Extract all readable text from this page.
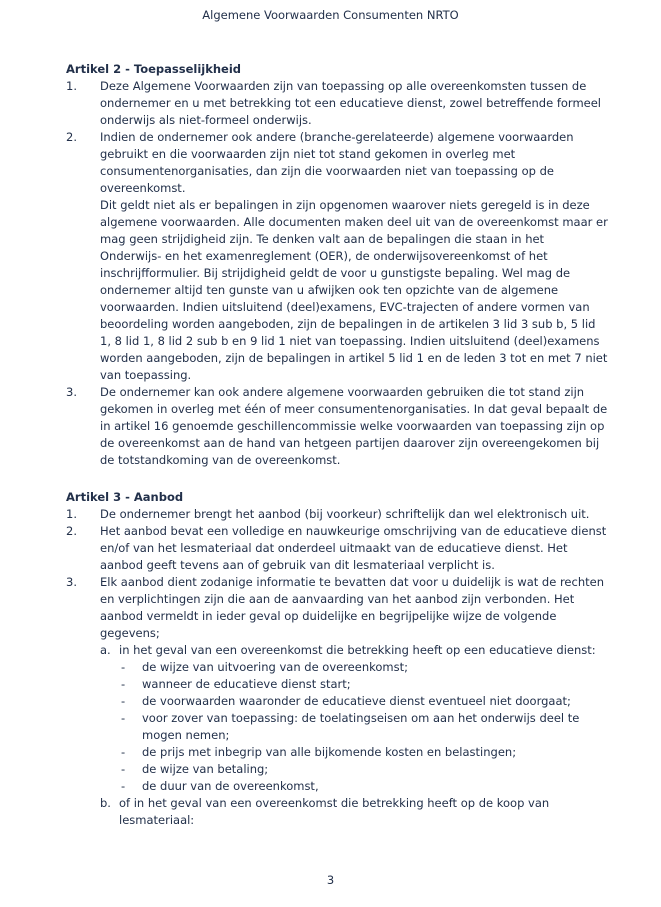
Algemene Voorwaarden Consumenten NRTO
Artikel 2 - Toepasselijkheid
1.	Deze Algemene Voorwaarden zijn van toepassing op alle overeenkomsten tussen de ondernemer en u met betrekking tot een educatieve dienst, zowel betreffende formeel onderwijs als niet-formeel onderwijs.

2.	Indien de ondernemer ook andere (branche-gerelateerde) algemene voorwaarden gebruikt en die voorwaarden zijn niet tot stand gekomen in overleg met consumentenorganisaties, dan zijn die voorwaarden niet van toepassing op de overeenkomst.

Dit geldt niet als er bepalingen in zijn opgenomen waarover niets geregeld is in deze algemene voorwaarden. Alle documenten maken deel uit van de overeenkomst maar er mag geen strijdigheid zijn. Te denken valt aan de bepalingen die staan in het Onderwijs- en het examenreglement (OER), de onderwijsovereenkomst of het inschrijfformulier. Bij strijdigheid geldt de voor u gunstigste bepaling. Wel mag de ondernemer altijd ten gunste van u afwijken ook ten opzichte van de algemene voorwaarden. Indien uitsluitend (deel)examens, EVC-trajecten of andere vormen van beoordeling worden aangeboden, zijn de bepalingen in de artikelen 3 lid 3 sub b, 5 lid 1, 8 lid 1, 8 lid 2 sub b en 9 lid 1 niet van toepassing. Indien uitsluitend (deel)examens worden aangeboden, zijn de bepalingen in artikel 5 lid 1 en de leden 3 tot en met 7 niet van toepassing.

3.	De ondernemer kan ook andere algemene voorwaarden gebruiken die tot stand zijn gekomen in overleg met één of meer consumentenorganisaties. In dat geval bepaalt de in artikel 16 genoemde geschillencommissie welke voorwaarden van toepassing zijn op de overeenkomst aan de hand van hetgeen partijen daarover zijn overeengekomen bij de totstandkoming van de overeenkomst.

Artikel 3 - Aanbod
1.	De ondernemer brengt het aanbod (bij voorkeur) schriftelijk dan wel elektronisch uit.

2.	Het aanbod bevat een volledige en nauwkeurige omschrijving van de educatieve dienst en/of van het lesmateriaal dat onderdeel uitmaakt van de educatieve dienst. Het aanbod geeft tevens aan of gebruik van dit lesmateriaal verplicht is.

3.	Elk aanbod dient zodanige informatie te bevatten dat voor u duidelijk is wat de rechten en verplichtingen zijn die aan de aanvaarding van het aanbod zijn verbonden. Het aanbod vermeldt in ieder geval op duidelijke en begrijpelijke wijze de volgende gegevens;

a. in het geval van een overeenkomst die betrekking heeft op een educatieve dienst:

-	de wijze van uitvoering van de overeenkomst;

-	wanneer de educatieve dienst start;

-	de voorwaarden waaronder de educatieve dienst eventueel niet doorgaat;

-	voor zover van toepassing: de toelatingseisen om aan het onderwijs deel te mogen nemen;

-	de prijs met inbegrip van alle bijkomende kosten en belastingen;

-	de wijze van betaling;

-	de duur van de overeenkomst,

b. of in het geval van een overeenkomst die betrekking heeft op de koop van lesmateriaal:

3
